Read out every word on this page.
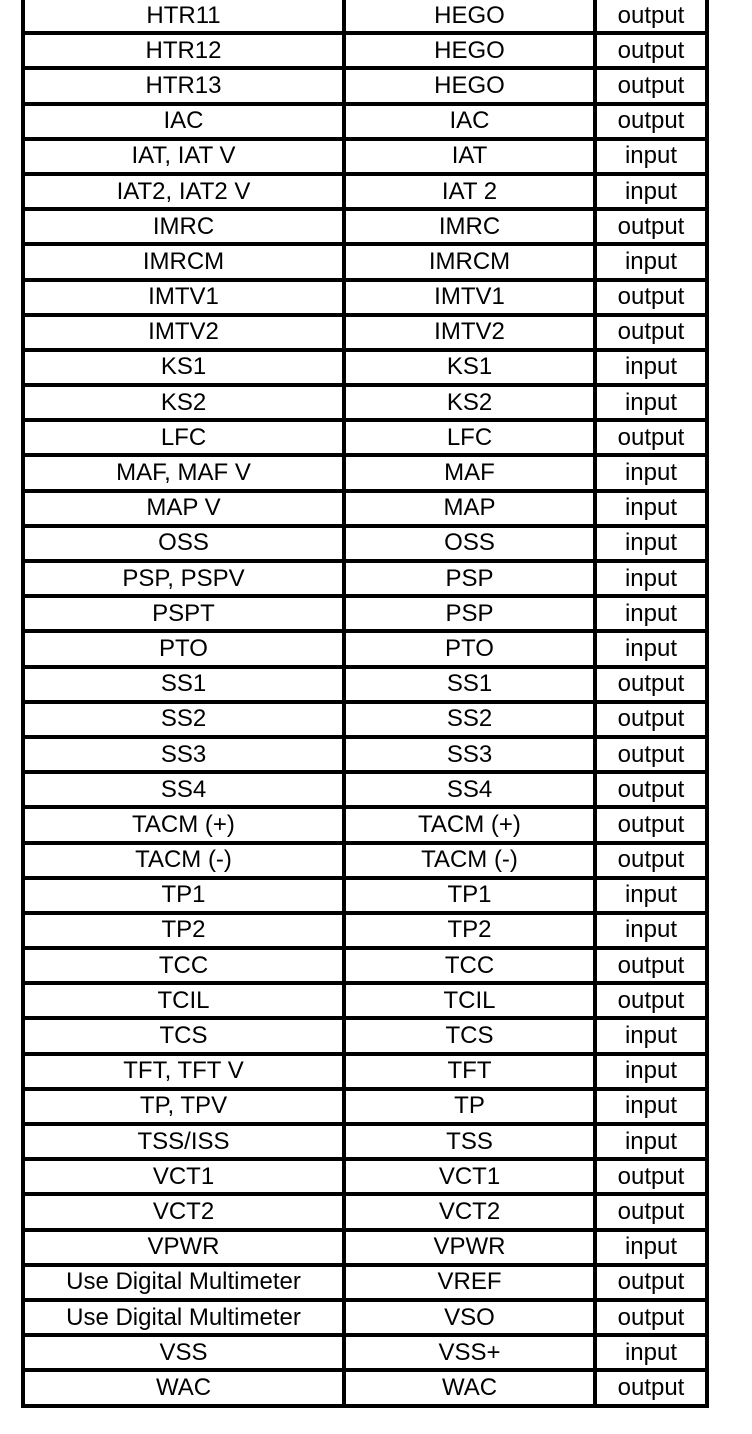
HTR11	HEGO	output
HTR12	HEGO	output
HTR13	HEGO	output
IAC	IAC	output
IAT, IAT V	IAT	input
IAT2, IAT2 V	IAT 2	input
IMRC	IMRC	output
IMRCM	IMRCM	input
IMTV1	IMTV1	output
IMTV2	IMTV2	output
KS1	KS1	input
KS2	KS2	input
LFC	LFC	output
MAF, MAF V	MAF	input
MAP V	MAP	input
OSS	OSS	input
PSP, PSPV	PSP	input
PSPT	PSP	input
PTO	PTO	input
SS1	SS1	output
SS2	SS2	output
SS3	SS3	output
SS4	SS4	output
TACM (+)	TACM (+)	output
TACM (-)	TACM (-)	output
TP1	TP1	input
TP2	TP2	input
TCC	TCC	output
TCIL	TCIL	output
TCS	TCS	input
TFT, TFT V	TFT	input
TP, TPV	TP	input
TSS/ISS	TSS	input
VCT1	VCT1	output
VCT2	VCT2	output
VPWR	VPWR	input
Use Digital Multimeter	VREF	output
Use Digital Multimeter	VSO	output
VSS	VSS+	input
WAC	WAC	output
